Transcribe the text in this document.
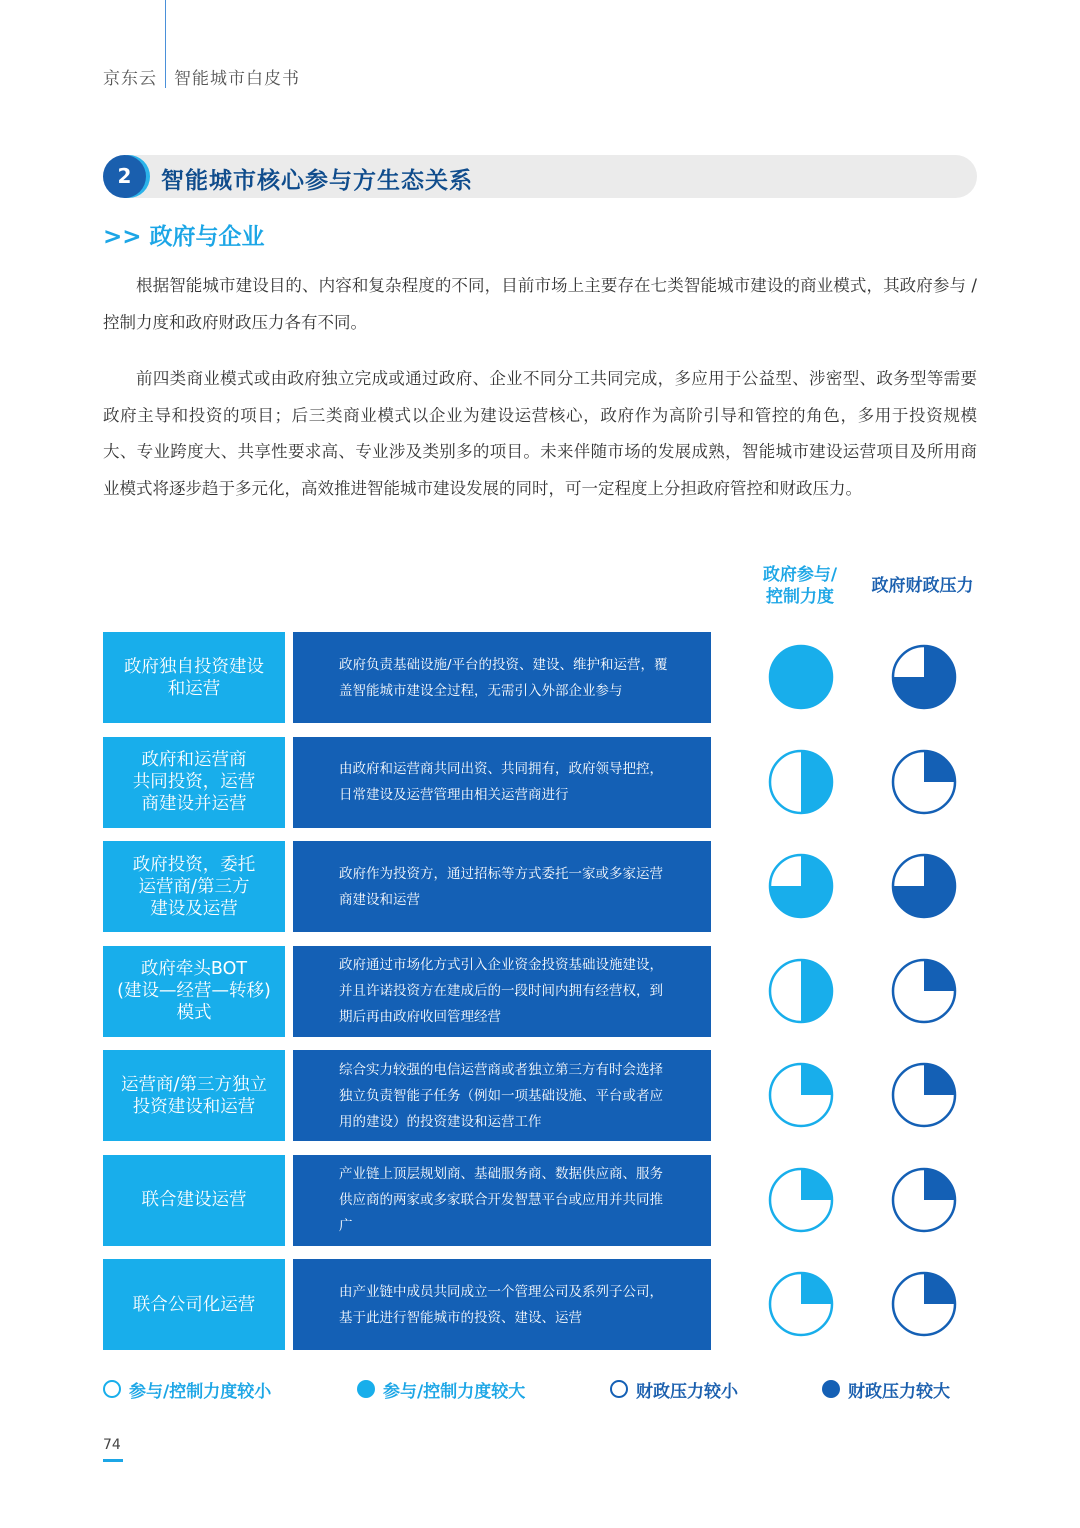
京东云 智能城市白皮书
2	智能城市核心参与方生态关系
>> 政府与企业

根据智能城市建设目的、内容和复杂程度的不同，目前市场上主要存在七类智能城市建设的商业模式，其政府参与 / 控制力度和政府财政压力各有不同。

前四类商业模式或由政府独立完成或通过政府、企业不同分工共同完成，多应用于公益型、涉密型、政务型等需要政府主导和投资的项目；后三类商业模式以企业为建设运营核心，政府作为高阶引导和管控的角色，多用于投资规模大、专业跨度大、共享性要求高、专业涉及类别多的项目。未来伴随市场的发展成熟，智能城市建设运营项目及所用商业模式将逐步趋于多元化，高效推进智能城市建设发展的同时，可一定程度上分担政府管控和财政压力。

政府参与/
控制力度
政府财政压力
政府独自投资建设
和运营
政府负责基础设施/平台的投资、建设、维护和运营，覆盖智能城市建设全过程，无需引入外部企业参与
政府和运营商
共同投资，运营
商建设并运营
由政府和运营商共同出资、共同拥有，政府领导把控，日常建设及运营管理由相关运营商进行
政府投资，委托
运营商/第三方
建设及运营
政府作为投资方，通过招标等方式委托一家或多家运营商建设和运营
政府牵头BOT
(建设—经营—转移)
模式
政府通过市场化方式引入企业资金投资基础设施建设，并且许诺投资方在建成后的一段时间内拥有经营权，到期后再由政府收回管理经营
运营商/第三方独立
投资建设和运营
综合实力较强的电信运营商或者独立第三方有时会选择独立负责智能子任务（例如一项基础设施、平台或者应用的建设）的投资建设和运营工作
联合建设运营
产业链上顶层规划商、基础服务商、数据供应商、服务供应商的两家或多家联合开发智慧平台或应用并共同推广
联合公司化运营
由产业链中成员共同成立一个管理公司及系列子公司，基于此进行智能城市的投资、建设、运营
参与/控制力度较小	参与/控制力度较大	财政压力较小	财政压力较大
74
